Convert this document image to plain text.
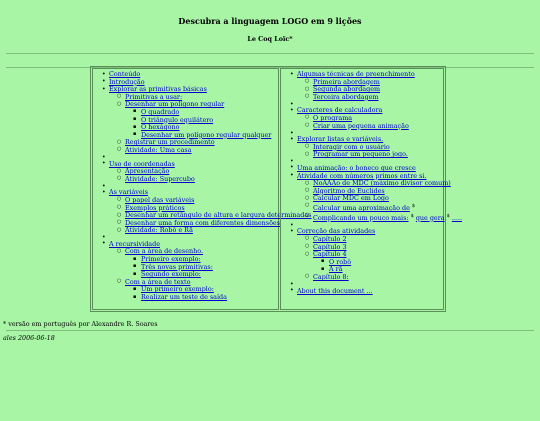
Descubra a linguagem LOGO em 9 lições
Le Coq Loïc*
• Conteúdo
• Introdução
• Explorar as primitivas básicas
○ Primitivas a usar:
○ Desenhar um polígono regular
▪ O quadrado
▪ O triângulo equilátero
▪ O hexágono
▪ Desenhar um polígono regular qualquer
○ Registrar um procedimento
○ Atividade: Uma casa
•
• Uso de coordenadas
○ Apresentação
○ Atividade: Supercubo
•
• As variáveis
○ O papel das variáveis
○ Exemplos práticos
○ Desenhar um retângulo de altura e largura determinadas
○ Desenhar uma forma com diferentes dimensões
○ Atividade: Robô e Rã
•
• A recursividade
○ Com a área de desenho.
▪ Primeiro exemplo:
▪ Três novas primitivas:
▪ Segundo exemplo:
○ Com a área de texto
▪ Um primeiro exemplo:
▪ Realizar um teste de saída
• Algumas técnicas de preenchimento
○ Primeira abordagem
○ Segunda abordagem
○ Terceira abordagem
•
• Caracteres de calculadora
○ O programa
○ Criar uma pequena animação
•
• Explorar listas e variáveis.
○ Interagir com o usuário
○ Programar um pequeno jogo.
•
• Uma animação: o boneco que cresce
• Atividade com números primos entre si.
○ NoAÃÃo de MDC (máximo divisor comum)
○ Algoritmo de Euclides
○ Calcular MDC em Logo
○ Calcular uma aproximação de $
○ Complicando um pouco mais: $ que gera $ .....
•
• Correção das atividades
○ Capítulo 2
○ Capítulo 3
○ Capítulo 4
▪ O robô
▪ A rã
○ Capítulo 8:
•
• About this document ...
* versão em português por Alexandre R. Soares
ales 2006-06-18
